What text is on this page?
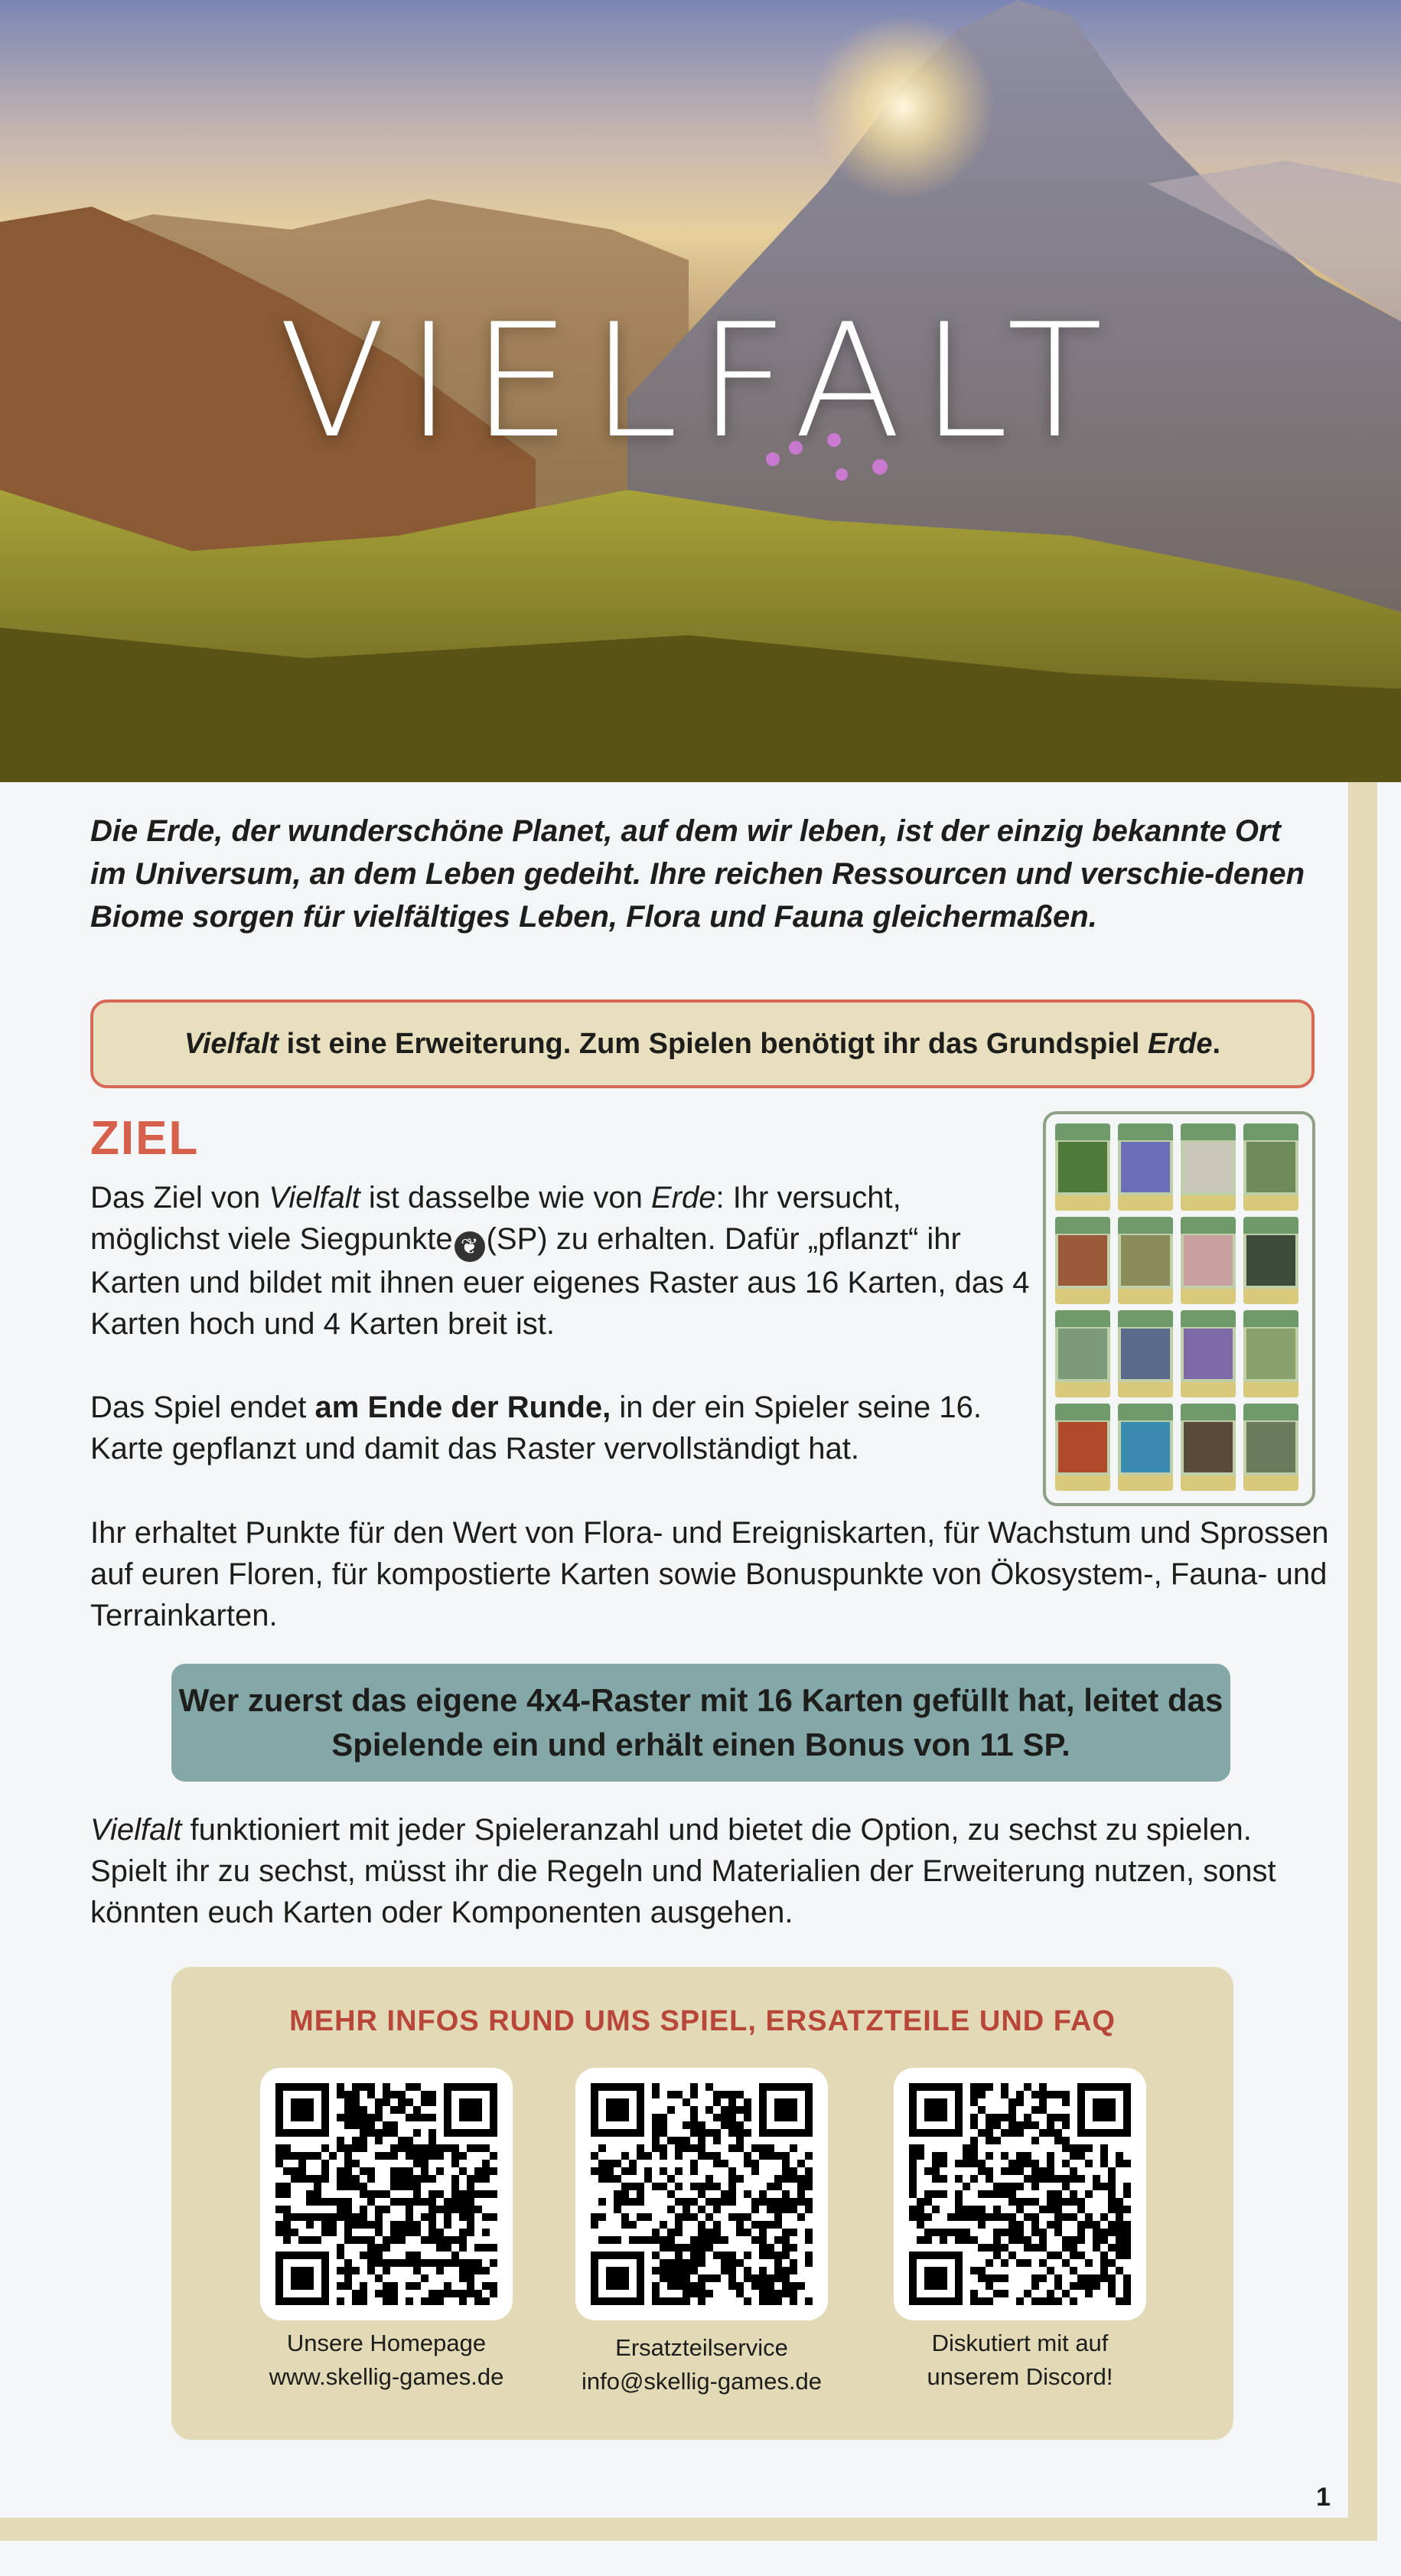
VIELFALT
Die Erde, der wunderschöne Planet, auf dem wir leben, ist der einzig bekannte Ort im Universum, an dem Leben gedeiht. Ihre reichen Ressourcen und verschie-denen Biome sorgen für vielfältiges Leben, Flora und Fauna gleichermaßen.
Vielfalt ist eine Erweiterung. Zum Spielen benötigt ihr das Grundspiel Erde.
ZIEL
Das Ziel von Vielfalt ist dasselbe wie von Erde: Ihr versucht, möglichst viele Siegpunkte ❦ (SP) zu erhalten. Dafür „pflanzt“ ihr Karten und bildet mit ihnen euer eigenes Raster aus 16 Karten, das 4 Karten hoch und 4 Karten breit ist.
Das Spiel endet am Ende der Runde, in der ein Spieler seine 16. Karte gepflanzt und damit das Raster vervollständigt hat.
Ihr erhaltet Punkte für den Wert von Flora- und Ereigniskarten, für Wachstum und Sprossen auf euren Floren, für kompostierte Karten sowie Bonuspunkte von Ökosystem-, Fauna- und Terrainkarten.
Wer zuerst das eigene 4x4-Raster mit 16 Karten gefüllt hat, leitet das Spielende ein und erhält einen Bonus von 11 SP.
Vielfalt funktioniert mit jeder Spieleranzahl und bietet die Option, zu sechst zu spielen. Spielt ihr zu sechst, müsst ihr die Regeln und Materialien der Erweiterung nutzen, sonst könnten euch Karten oder Komponenten ausgehen.
MEHR INFOS RUND UMS SPIEL, ERSATZTEILE UND FAQ
Unsere Homepage
www.skellig-games.de
Ersatzteilservice
info@skellig-games.de
Diskutiert mit auf
unserem Discord!
1
